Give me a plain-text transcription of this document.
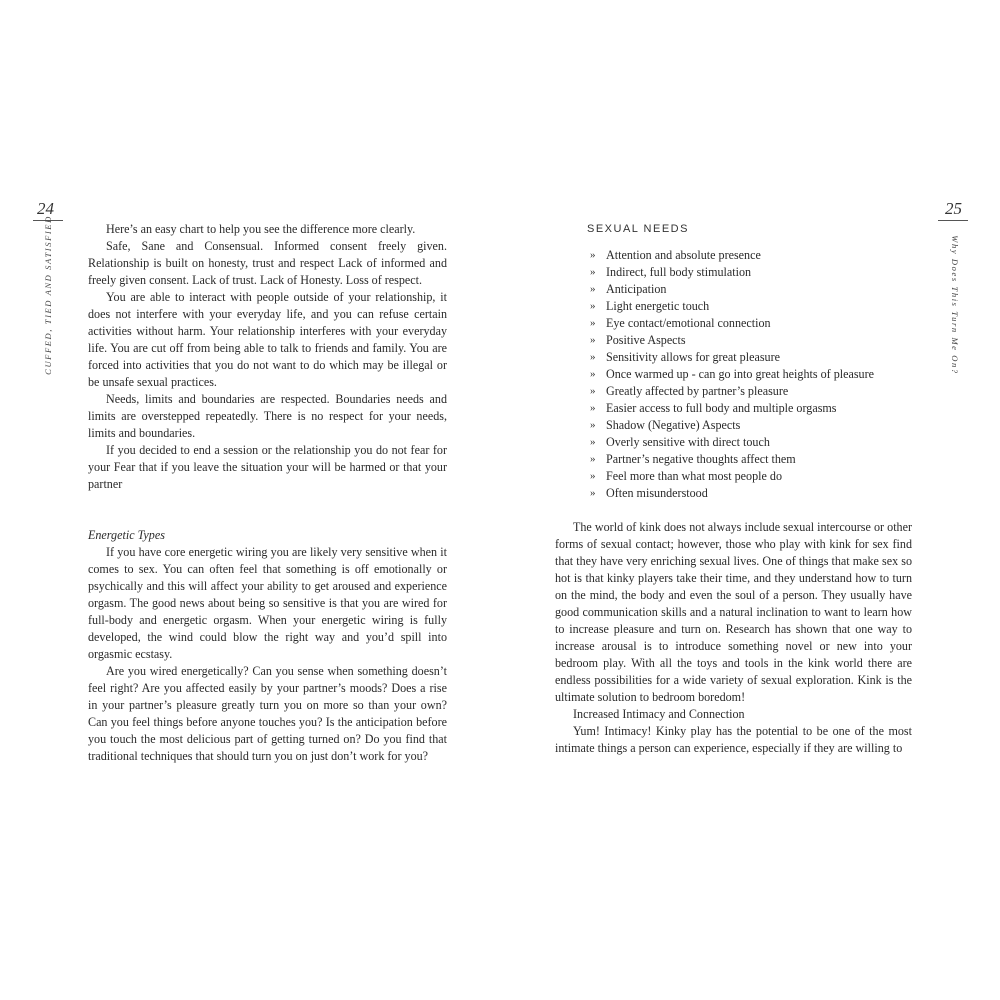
24
CUFFED, TIED AND SATISFIED	Here’s an easy chart to help you see the difference more clearly.

Safe, Sane and Consensual. Informed consent freely given. Relationship is built on honesty, trust and respect Lack of informed and freely given consent. Lack of trust. Lack of Honesty. Loss of respect.

You are able to interact with people outside of your relationship, it does not interfere with your everyday life, and you can refuse certain activities without harm. Your relationship interferes with your everyday life. You are cut off from being able to talk to friends and family. You are forced into activities that you do not want to do which may be illegal or be unsafe sexual practices.

Needs, limits and boundaries are respected. Boundaries needs and limits are overstepped repeatedly. There is no respect for your needs, limits and boundaries.

If you decided to end a session or the relationship you do not fear for your Fear that if you leave the situation your will be harmed or that your partner

Energetic Types

If you have core energetic wiring you are likely very sensitive when it comes to sex. You can often feel that something is off emotionally or psychically and this will affect your ability to get aroused and experience orgasm. The good news about being so sensitive is that you are wired for full-body and energetic orgasm. When your energetic wiring is fully developed, the wind could blow the right way and you’d spill into orgasmic ecstasy.

Are you wired energetically? Can you sense when something doesn’t feel right? Are you affected easily by your partner’s moods? Does a rise in your partner’s pleasure greatly turn you on more so than your own? Can you feel things before anyone touches you? Is the anticipation before you touch the most delicious part of getting turned on? Do you find that traditional techniques that should turn you on just don’t work for you?

25
Why Does This Turn Me On?
SEXUAL NEEDS
» Attention and absolute presence
» Indirect, full body stimulation
» Anticipation
» Light energetic touch
» Eye contact/emotional connection
» Positive Aspects
» Sensitivity allows for great pleasure
» Once warmed up - can go into great heights of pleasure
» Greatly affected by partner’s pleasure
» Easier access to full body and multiple orgasms
» Shadow (Negative) Aspects
» Overly sensitive with direct touch
» Partner’s negative thoughts affect them
» Feel more than what most people do
» Often misunderstood

The world of kink does not always include sexual intercourse or other forms of sexual contact; however, those who play with kink for sex find that they have very enriching sexual lives. One of things that make sex so hot is that kinky players take their time, and they understand how to turn on the mind, the body and even the soul of a person. They usually have good communication skills and a natural inclination to want to learn how to increase pleasure and turn on. Research has shown that one way to increase arousal is to introduce something novel or new into your bedroom play. With all the toys and tools in the kink world there are endless possibilities for a wide variety of sexual exploration. Kink is the ultimate solution to bedroom boredom!

Increased Intimacy and Connection

Yum! Intimacy! Kinky play has the potential to be one of the most intimate things a person can experience, especially if they are willing to
